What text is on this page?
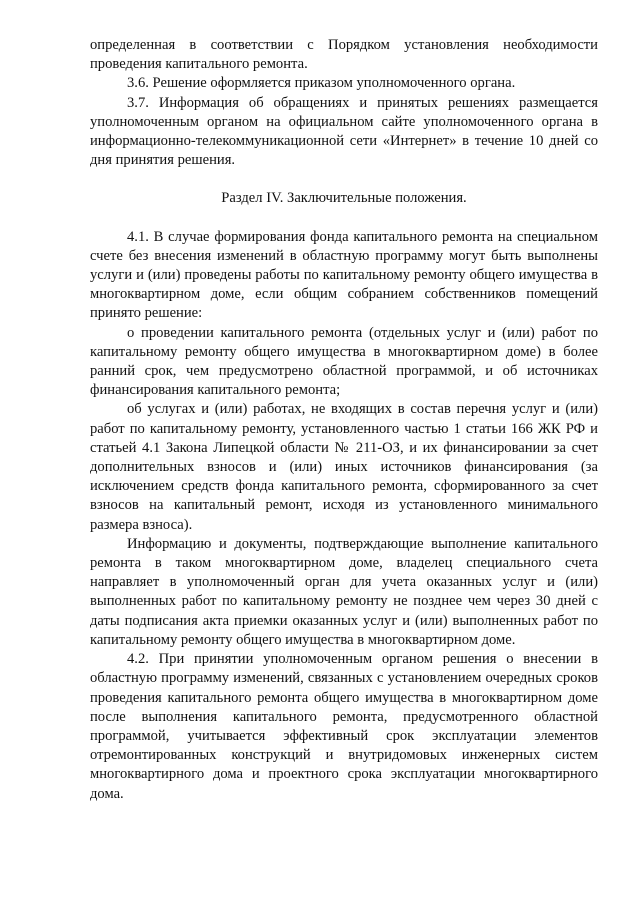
определенная в соответствии с Порядком установления необходимости проведения капитального ремонта.

3.6. Решение оформляется приказом уполномоченного органа.

3.7. Информация об обращениях и принятых решениях размещается уполномоченным органом на официальном сайте уполномоченного органа в информационно-телекоммуникационной сети «Интернет» в течение 10 дней со дня принятия решения.

Раздел IV. Заключительные положения.

4.1. В случае формирования фонда капитального ремонта на специальном счете без внесения изменений в областную программу могут быть выполнены услуги и (или) проведены работы по капитальному ремонту общего имущества в многоквартирном доме, если общим собранием собственников помещений принято решение:

о проведении капитального ремонта (отдельных услуг и (или) работ по капитальному ремонту общего имущества в многоквартирном доме) в более ранний срок, чем предусмотрено областной программой, и об источниках финансирования капитального ремонта;

об услугах и (или) работах, не входящих в состав перечня услуг и (или) работ по капитальному ремонту, установленного частью 1 статьи 166 ЖК РФ и статьей 4.1 Закона Липецкой области № 211-ОЗ, и их финансировании за счет дополнительных взносов и (или) иных источников финансирования (за исключением средств фонда капитального ремонта, сформированного за счет взносов на капитальный ремонт, исходя из установленного минимального размера взноса).

Информацию и документы, подтверждающие выполнение капитального ремонта в таком многоквартирном доме, владелец специального счета направляет в уполномоченный орган для учета оказанных услуг и (или) выполненных работ по капитальному ремонту не позднее чем через 30 дней с даты подписания акта приемки оказанных услуг и (или) выполненных работ по капитальному ремонту общего имущества в многоквартирном доме.

4.2. При принятии уполномоченным органом решения о внесении в областную программу изменений, связанных с установлением очередных сроков проведения капитального ремонта общего имущества в многоквартирном доме после выполнения капитального ремонта, предусмотренного областной программой, учитывается эффективный срок эксплуатации элементов отремонтированных конструкций и внутридомовых инженерных систем многоквартирного дома и проектного срока эксплуатации многоквартирного дома.
